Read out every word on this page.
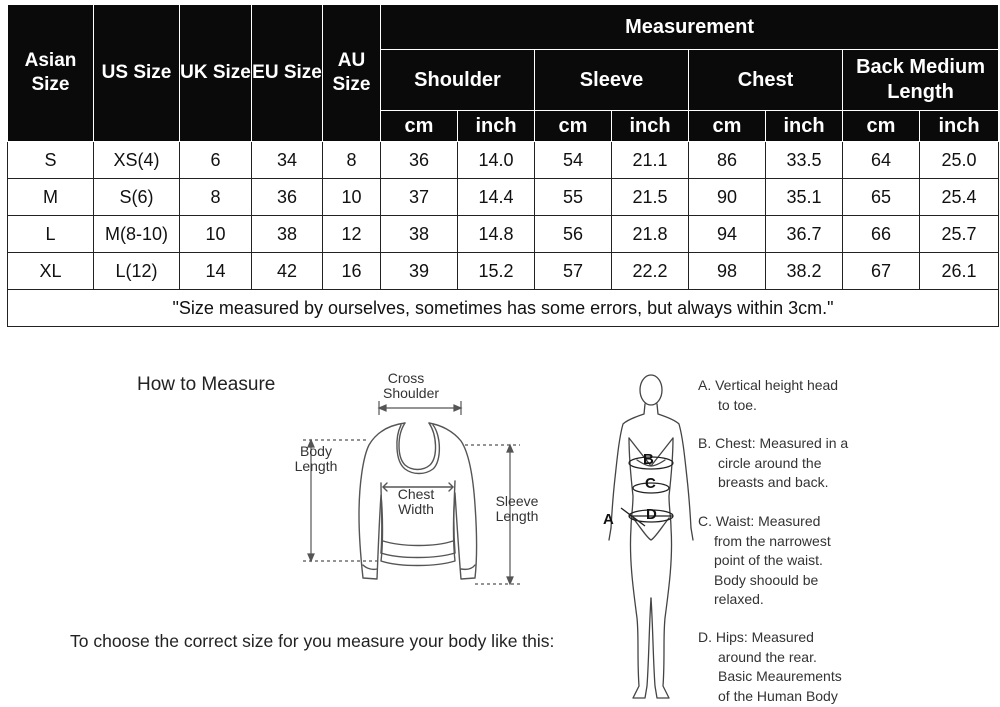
Asian Size	US Size	UK Size	EU Size	AU Size	Measurement							
					Shoulder		Sleeve		Chest		Back Medium Length	
					cm	inch	cm	inch	cm	inch	cm	inch
S	XS(4)	6	34	8	36	14.0	54	21.1	86	33.5	64	25.0
M	S(6)	8	36	10	37	14.4	55	21.5	90	35.1	65	25.4
L	M(8-10)	10	38	12	38	14.8	56	21.8	94	36.7	66	25.7
XL	L(12)	14	42	16	39	15.2	57	22.2	98	38.2	67	26.1
"Size measured by ourselves, sometimes has some errors, but always within 3cm."												
How to Measure	Cross Shoulder
Body Length
Chest Width
Sleeve Length
To choose the correct size for you measure your body like this:
B
C
D
A
A. Vertical height head
to toe.
B. Chest: Measured in a
circle around the
breasts and back.
C. Waist: Measured
from the narrowest
point of the waist.
Body shoould be
relaxed.
D. Hips: Measured
around the rear.
Basic Meaurements
of the Human Body
